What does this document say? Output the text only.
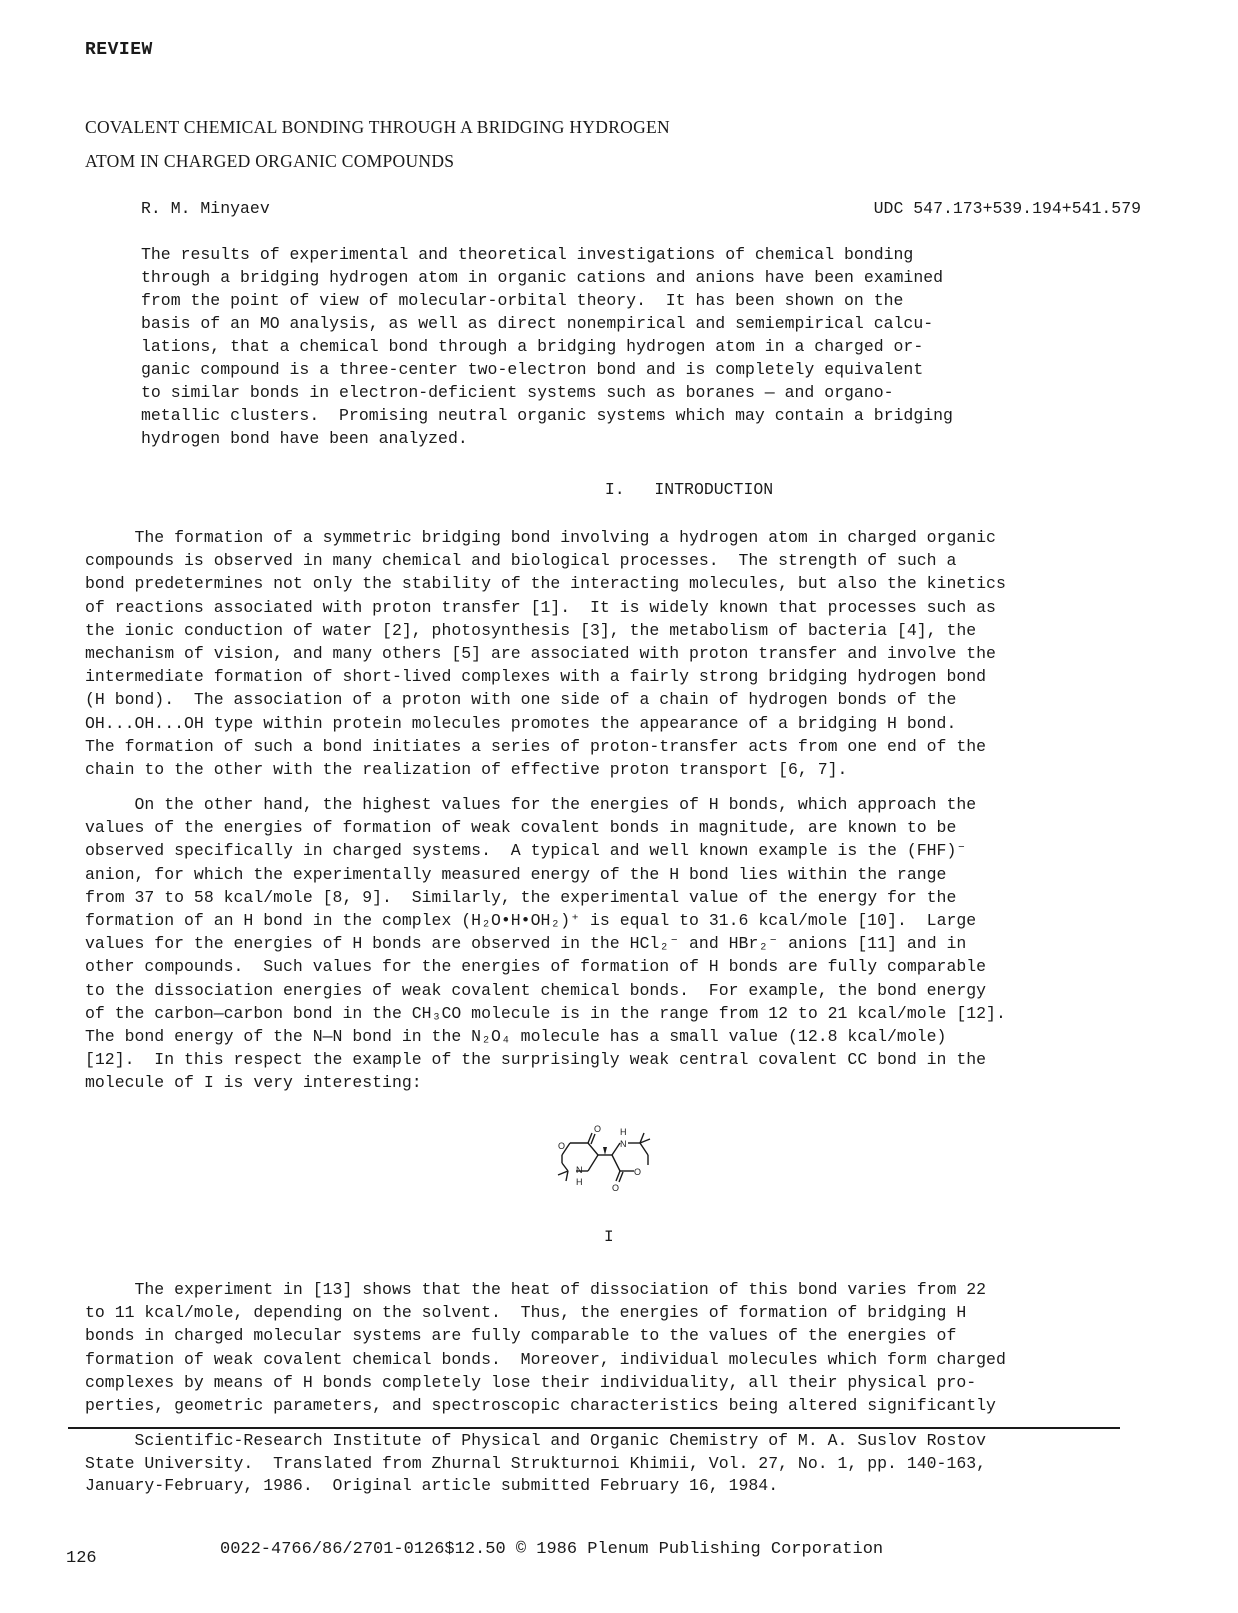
REVIEW
COVALENT CHEMICAL BONDING THROUGH A BRIDGING HYDROGEN
ATOM IN CHARGED ORGANIC COMPOUNDS
R. M. Minyaev	UDC 547.173+539.194+541.579
The results of experimental and theoretical investigations of chemical bonding
through a bridging hydrogen atom in organic cations and anions have been examined
from the point of view of molecular-orbital theory.  It has been shown on the
basis of an MO analysis, as well as direct nonempirical and semiempirical calcu-
lations, that a chemical bond through a bridging hydrogen atom in a charged or-
ganic compound is a three-center two-electron bond and is completely equivalent
to similar bonds in electron-deficient systems such as boranes — and organo-
metallic clusters.  Promising neutral organic systems which may contain a bridging
hydrogen bond have been analyzed.
I. INTRODUCTION
The formation of a symmetric bridging bond involving a hydrogen atom in charged organic
compounds is observed in many chemical and biological processes.  The strength of such a
bond predetermines not only the stability of the interacting molecules, but also the kinetics
of reactions associated with proton transfer [1].  It is widely known that processes such as
the ionic conduction of water [2], photosynthesis [3], the metabolism of bacteria [4], the
mechanism of vision, and many others [5] are associated with proton transfer and involve the
intermediate formation of short-lived complexes with a fairly strong bridging hydrogen bond
(H bond).  The association of a proton with one side of a chain of hydrogen bonds of the
OH...OH...OH type within protein molecules promotes the appearance of a bridging H bond.
The formation of such a bond initiates a series of proton-transfer acts from one end of the
chain to the other with the realization of effective proton transport [6, 7].
On the other hand, the highest values for the energies of H bonds, which approach the
values of the energies of formation of weak covalent bonds in magnitude, are known to be
observed specifically in charged systems.  A typical and well known example is the (FHF)⁻
anion, for which the experimentally measured energy of the H bond lies within the range
from 37 to 58 kcal/mole [8, 9].  Similarly, the experimental value of the energy for the
formation of an H bond in the complex (H₂O•H•OH₂)⁺ is equal to 31.6 kcal/mole [10].  Large
values for the energies of H bonds are observed in the HCl₂⁻ and HBr₂⁻ anions [11] and in
other compounds.  Such values for the energies of formation of H bonds are fully comparable
to the dissociation energies of weak covalent chemical bonds.  For example, the bond energy
of the carbon—carbon bond in the CH₃CO molecule is in the range from 12 to 21 kcal/mole [12].
The bond energy of the N—N bond in the N₂O₄ molecule has a small value (12.8 kcal/mole)
[12].  In this respect the example of the surprisingly weak central covalent CC bond in the
molecule of I is very interesting:
O
O
H
N
N
H
O
O
I
The experiment in [13] shows that the heat of dissociation of this bond varies from 22
to 11 kcal/mole, depending on the solvent.  Thus, the energies of formation of bridging H
bonds in charged molecular systems are fully comparable to the values of the energies of
formation of weak covalent chemical bonds.  Moreover, individual molecules which form charged
complexes by means of H bonds completely lose their individuality, all their physical pro-
perties, geometric parameters, and spectroscopic characteristics being altered significantly
Scientific-Research Institute of Physical and Organic Chemistry of M. A. Suslov Rostov
State University.  Translated from Zhurnal Strukturnoi Khimii, Vol. 27, No. 1, pp. 140-163,
January-February, 1986.  Original article submitted February 16, 1984.
126	0022-4766/86/2701-0126$12.50 © 1986 Plenum Publishing Corporation
